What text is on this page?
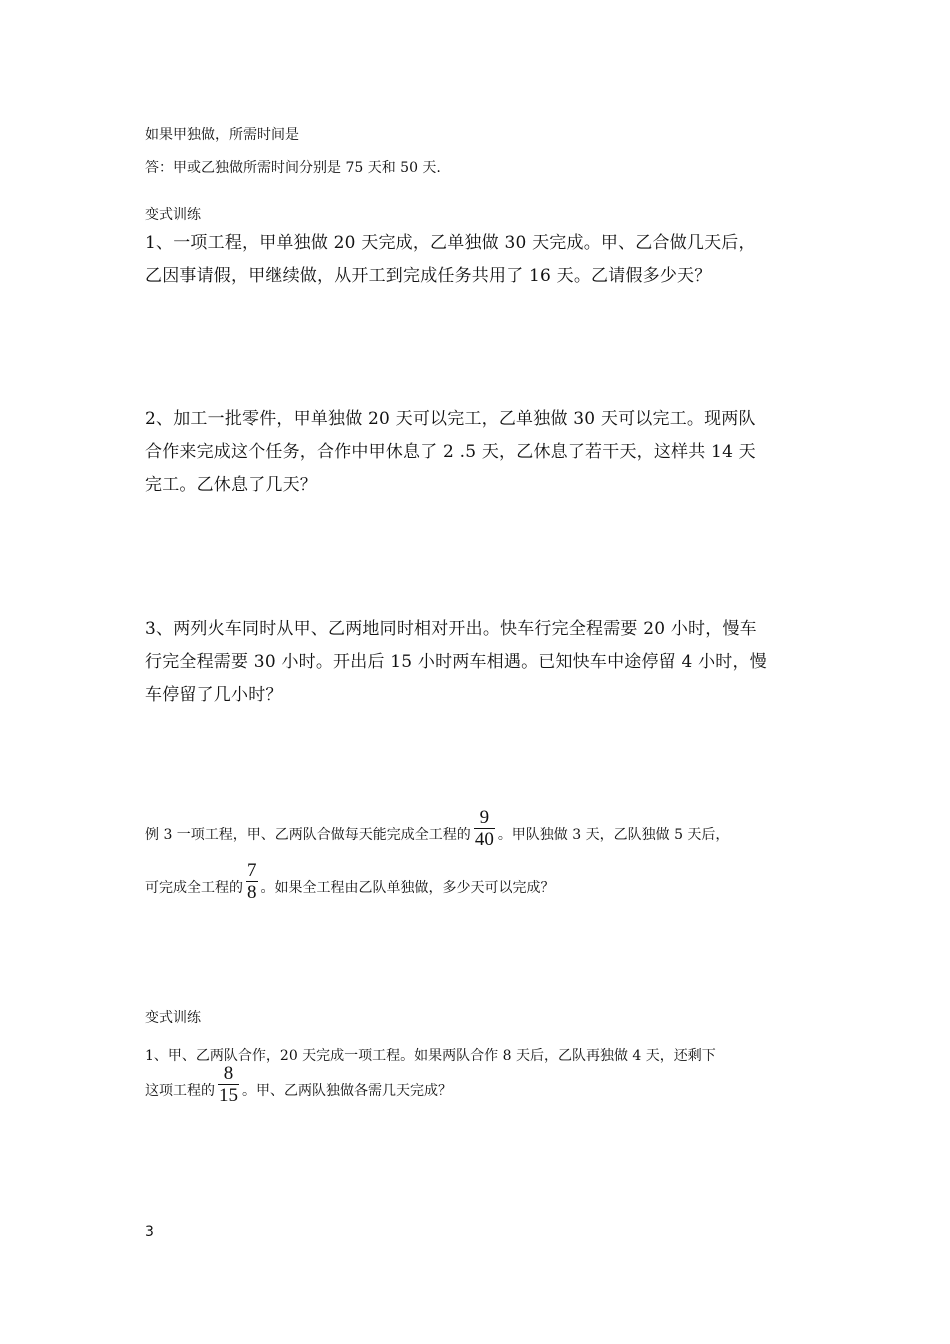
如果甲独做，所需时间是
答：甲或乙独做所需时间分别是 75 天和 50 天.
变式训练
1、一项工程，甲单独做 20 天完成，乙单独做 30 天完成。甲、乙合做几天后，
乙因事请假，甲继续做，从开工到完成任务共用了 16 天。乙请假多少天？
2、加工一批零件，甲单独做 20 天可以完工，乙单独做 30 天可以完工。现两队
合作来完成这个任务，合作中甲休息了 2 .5 天，乙休息了若干天，这样共 14 天
完工。乙休息了几天？
3、两列火车同时从甲、乙两地同时相对开出。快车行完全程需要 20 小时，慢车
行完全程需要 30 小时。开出后 15 小时两车相遇。已知快车中途停留 4 小时，慢
车停留了几小时？
例 3 一项工程，甲、乙两队合做每天能完成全工程的 $\frac{9}{40}$ 。甲队独做 3 天，乙队独做 5 天后，
可完成全工程的 $\frac{7}{8}$ 。如果全工程由乙队单独做，多少天可以完成？
变式训练
1、甲、乙两队合作，20 天完成一项工程。如果两队合作 8 天后，乙队再独做 4 天，还剩下
这项工程的 $\frac{8}{15}$ 。甲、乙两队独做各需几天完成？
3
